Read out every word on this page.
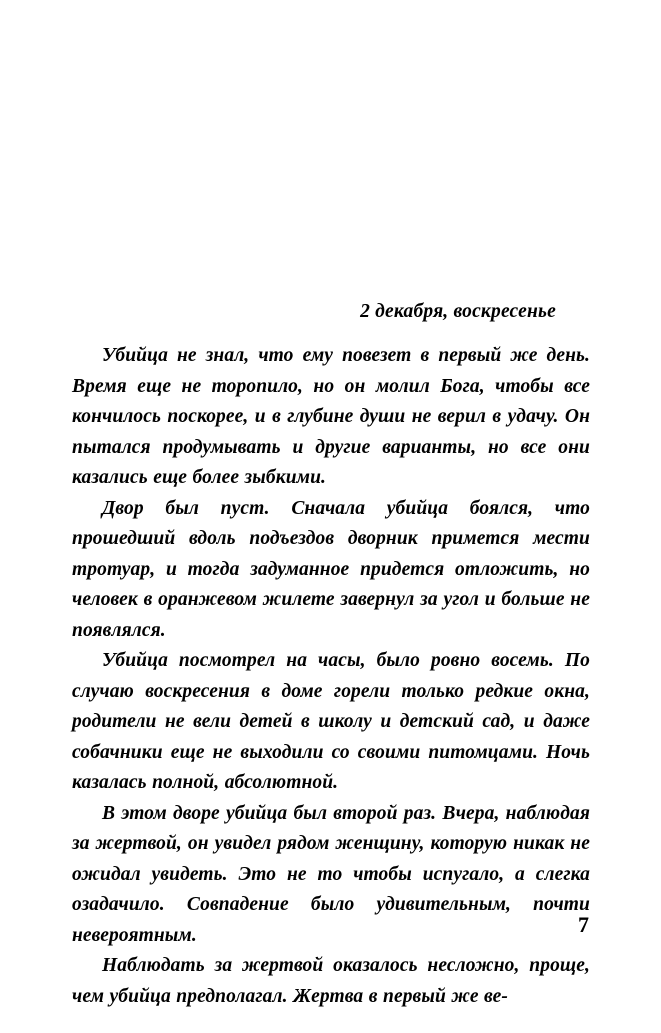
2 декабря, воскресенье

Убийца не знал, что ему повезет в первый же день. Время еще не торопило, но он молил Бога, чтобы все кончилось поскорее, и в глубине души не верил в удачу. Он пытался продумывать и другие варианты, но все они казались еще более зыбкими.

Двор был пуст. Сначала убийца боялся, что прошедший вдоль подъездов дворник примется мести тротуар, и тогда задуманное придется отложить, но человек в оранжевом жилете завернул за угол и больше не появлялся.

Убийца посмотрел на часы, было ровно восемь. По случаю воскресения в доме горели только редкие окна, родители не вели детей в школу и детский сад, и даже собачники еще не выходили со своими питомцами. Ночь казалась полной, абсолютной.

В этом дворе убийца был второй раз. Вчера, наблюдая за жертвой, он увидел рядом женщину, которую никак не ожидал увидеть. Это не то чтобы испугало, а слегка озадачило. Совпадение было удивительным, почти невероятным.

Наблюдать за жертвой оказалось несложно, проще, чем убийца предполагал. Жертва в первый же ве-

7
